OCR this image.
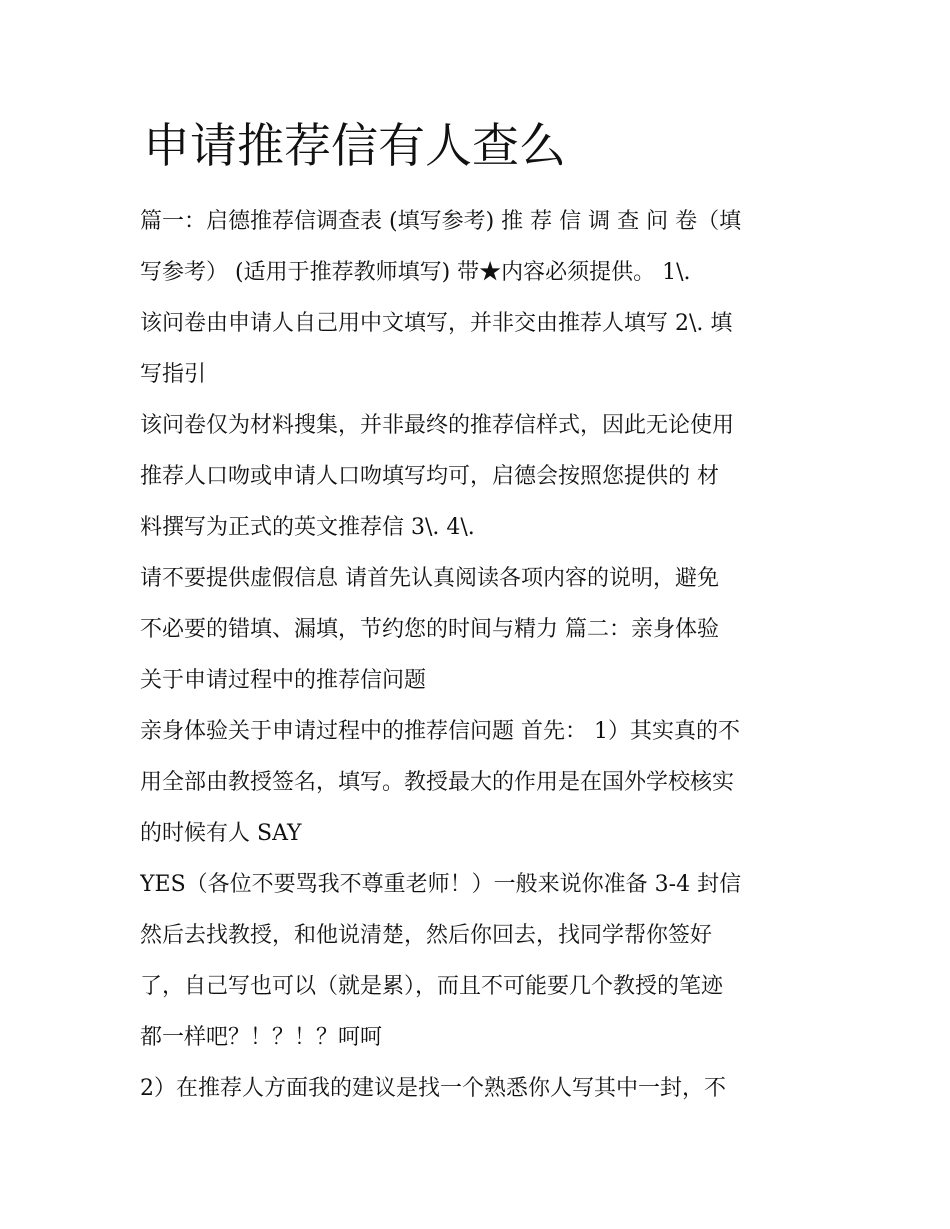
申请推荐信有人查么
篇一：启德推荐信调查表 (填写参考) 推 荐 信 调 查 问 卷（填
写参考） (适用于推荐教师填写) 带★内容必须提供。 1\.
该问卷由申请人自己用中文填写，并非交由推荐人填写 2\. 填
写指引
该问卷仅为材料搜集，并非最终的推荐信样式，因此无论使用
推荐人口吻或申请人口吻填写均可，启德会按照您提供的 材
料撰写为正式的英文推荐信 3\. 4\.
请不要提供虚假信息 请首先认真阅读各项内容的说明，避免
不必要的错填、漏填，节约您的时间与精力 篇二：亲身体验
关于申请过程中的推荐信问题
亲身体验关于申请过程中的推荐信问题 首先： 1）其实真的不
用全部由教授签名，填写。教授最大的作用是在国外学校核实
的时候有人 SAY
YES（各位不要骂我不尊重老师！）一般来说你准备 3-4 封信
然后去找教授，和他说清楚，然后你回去，找同学帮你签好
了，自己写也可以（就是累），而且不可能要几个教授的笔迹
都一样吧？！？！？呵呵
2）在推荐人方面我的建议是找一个熟悉你人写其中一封，不
